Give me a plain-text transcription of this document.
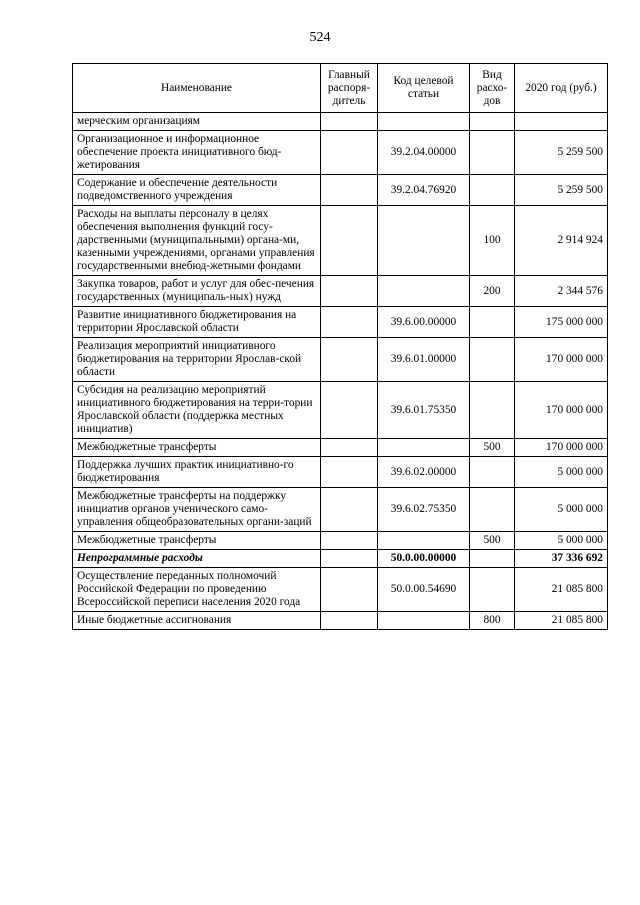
524
Наименование	Главный распоря-дитель	Код целевой статьи	Вид расхо-дов	2020 год (руб.)
мерческим организациям				
Организационное и информационное обеспечение проекта инициативного бюд-жетирования		39.2.04.00000		5 259 500
Содержание и обеспечение деятельности подведомственного учреждения		39.2.04.76920		5 259 500
Расходы на выплаты персоналу в целях обеспечения выполнения функций госу-дарственными (муниципальными) органа-ми, казенными учреждениями, органами управления государственными внебюд-жетными фондами			100	2 914 924
Закупка товаров, работ и услуг для обес-печения государственных (муниципаль-ных) нужд			200	2 344 576
Развитие инициативного бюджетирования на территории Ярославской области		39.6.00.00000		175 000 000
Реализация мероприятий инициативного бюджетирования на территории Ярослав-ской области		39.6.01.00000		170 000 000
Субсидия на реализацию мероприятий инициативного бюджетирования на терри-тории Ярославской области (поддержка местных инициатив)		39.6.01.75350		170 000 000
Межбюджетные трансферты			500	170 000 000
Поддержка лучших практик инициативно-го бюджетирования		39.6.02.00000		5 000 000
Межбюджетные трансферты на поддержку инициатив органов ученического само-управления общеобразовательных органи-заций		39.6.02.75350		5 000 000
Межбюджетные трансферты			500	5 000 000
Непрограммные расходы		50.0.00.00000		37 336 692
Осуществление переданных полномочий Российской Федерации по проведению Всероссийской переписи населения 2020 года		50.0.00.54690		21 085 800
Иные бюджетные ассигнования			800	21 085 800
